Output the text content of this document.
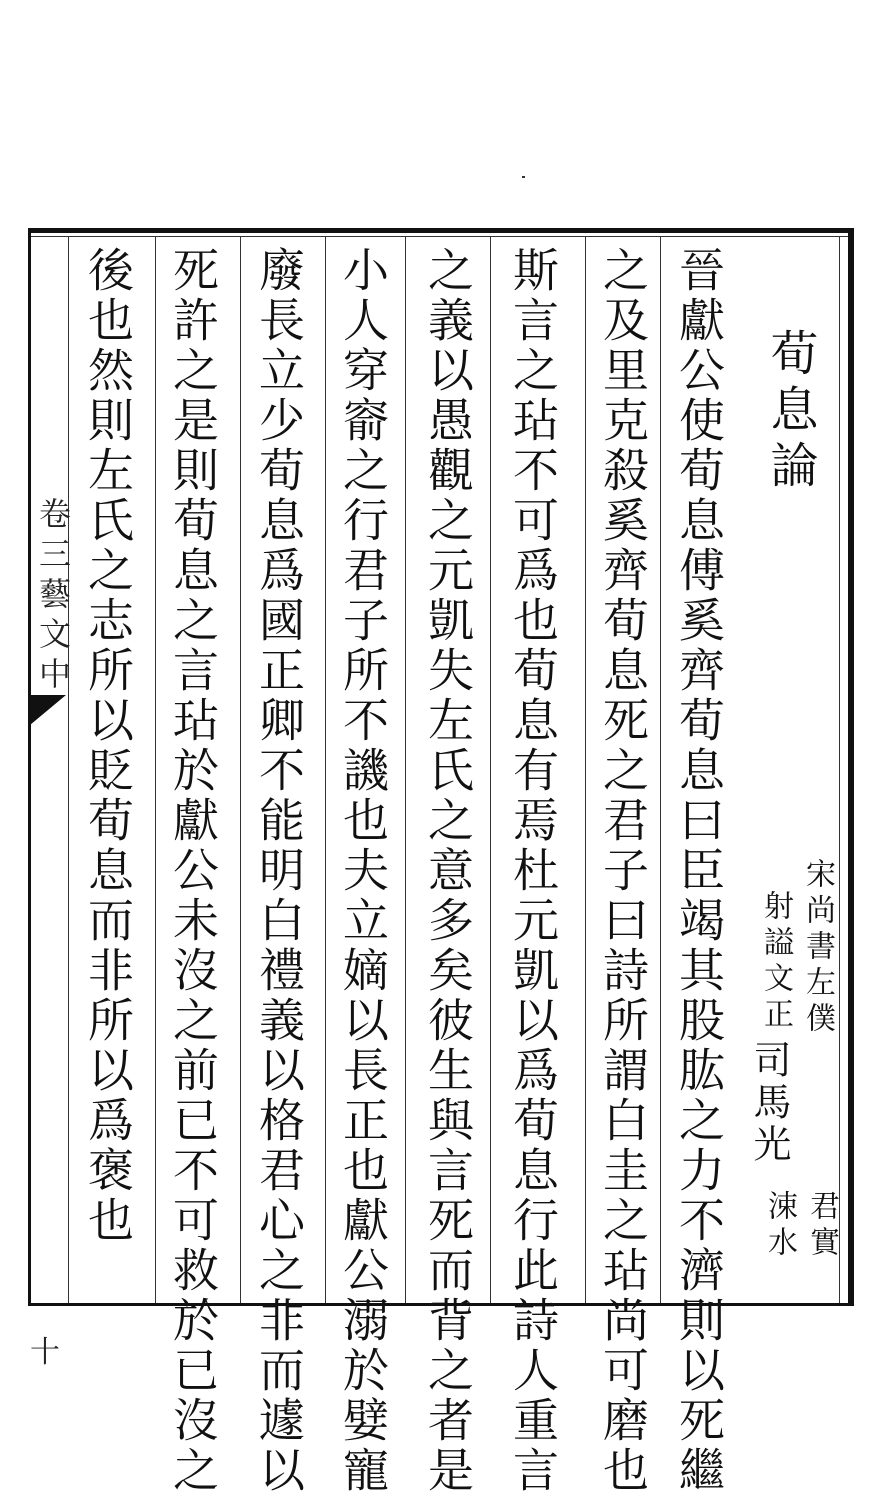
荀息論
宋尚書左僕
射謚文正
司馬光
君實
涑水
晉獻公使荀息傅奚齊荀息曰臣竭其股肱之力不濟則以死繼
之及里克殺奚齊荀息死之君子曰詩所謂白圭之玷尚可磨也
斯言之玷不可爲也荀息有焉杜元凱以爲荀息行此詩人重言
之義以愚觀之元凱失左氏之意多矣彼生與言死而背之者是
小人穿窬之行君子所不譏也夫立嫡以長正也獻公溺於嬖寵
廢長立少荀息爲國正卿不能明白禮義以格君心之非而遽以
死許之是則荀息之言玷於獻公未沒之前已不可救於已沒之
後也然則左氏之志所以貶荀息而非所以爲褒也
卷三藝文中
十
